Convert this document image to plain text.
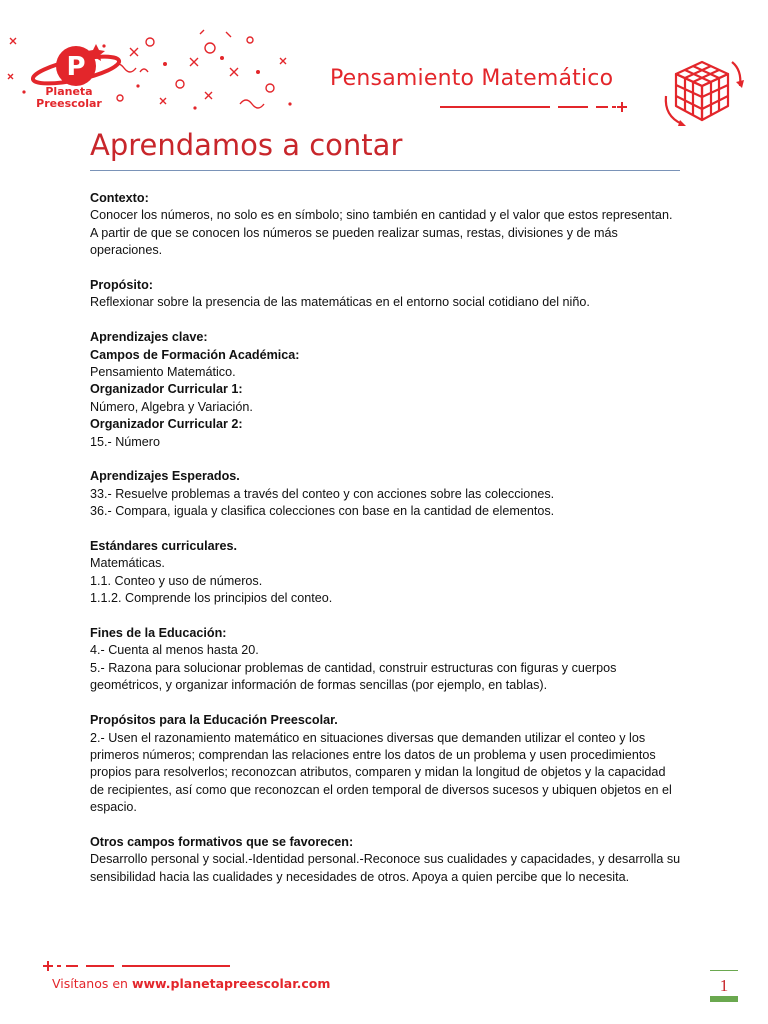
P
Planeta
Preescolar
Pensamiento Matemático
Aprendamos a contar

Contexto:

Conocer los números, no solo es en símbolo; sino también en cantidad y el valor que estos representan. A partir de que se conocen los números se pueden realizar sumas, restas, divisiones y de más operaciones.

Propósito:

Reflexionar sobre la presencia de las matemáticas en el entorno social cotidiano del niño.

Aprendizajes clave:

Campos de Formación Académica:

Pensamiento Matemático.

Organizador Curricular 1:

Número, Algebra y Variación.

Organizador Curricular 2:

15.- Número

Aprendizajes Esperados.

33.- Resuelve problemas a través del conteo y con acciones sobre las colecciones.

36.- Compara, iguala y clasifica colecciones con base en la cantidad de elementos.

Estándares curriculares.

Matemáticas.

1.1. Conteo y uso de números.

1.1.2. Comprende los principios del conteo.

Fines de la Educación:

4.- Cuenta al menos hasta 20.

5.- Razona para solucionar problemas de cantidad, construir estructuras con figuras y cuerpos geométricos, y organizar información de formas sencillas (por ejemplo, en tablas).

Propósitos para la Educación Preescolar.

2.- Usen el razonamiento matemático en situaciones diversas que demanden utilizar el conteo y los primeros números; comprendan las relaciones entre los datos de un problema y usen procedimientos propios para resolverlos; reconozcan atributos, comparen y midan la longitud de objetos y la capacidad de recipientes, así como que reconozcan el orden temporal de diversos sucesos y ubiquen objetos en el espacio.

Otros campos formativos que se favorecen:

Desarrollo personal y social.-Identidad personal.-Reconoce sus cualidades y capacidades, y desarrolla su sensibilidad hacia las cualidades y necesidades de otros. Apoya a quien percibe que lo necesita.

Visítanos en www.planetapreescolar.com	1
